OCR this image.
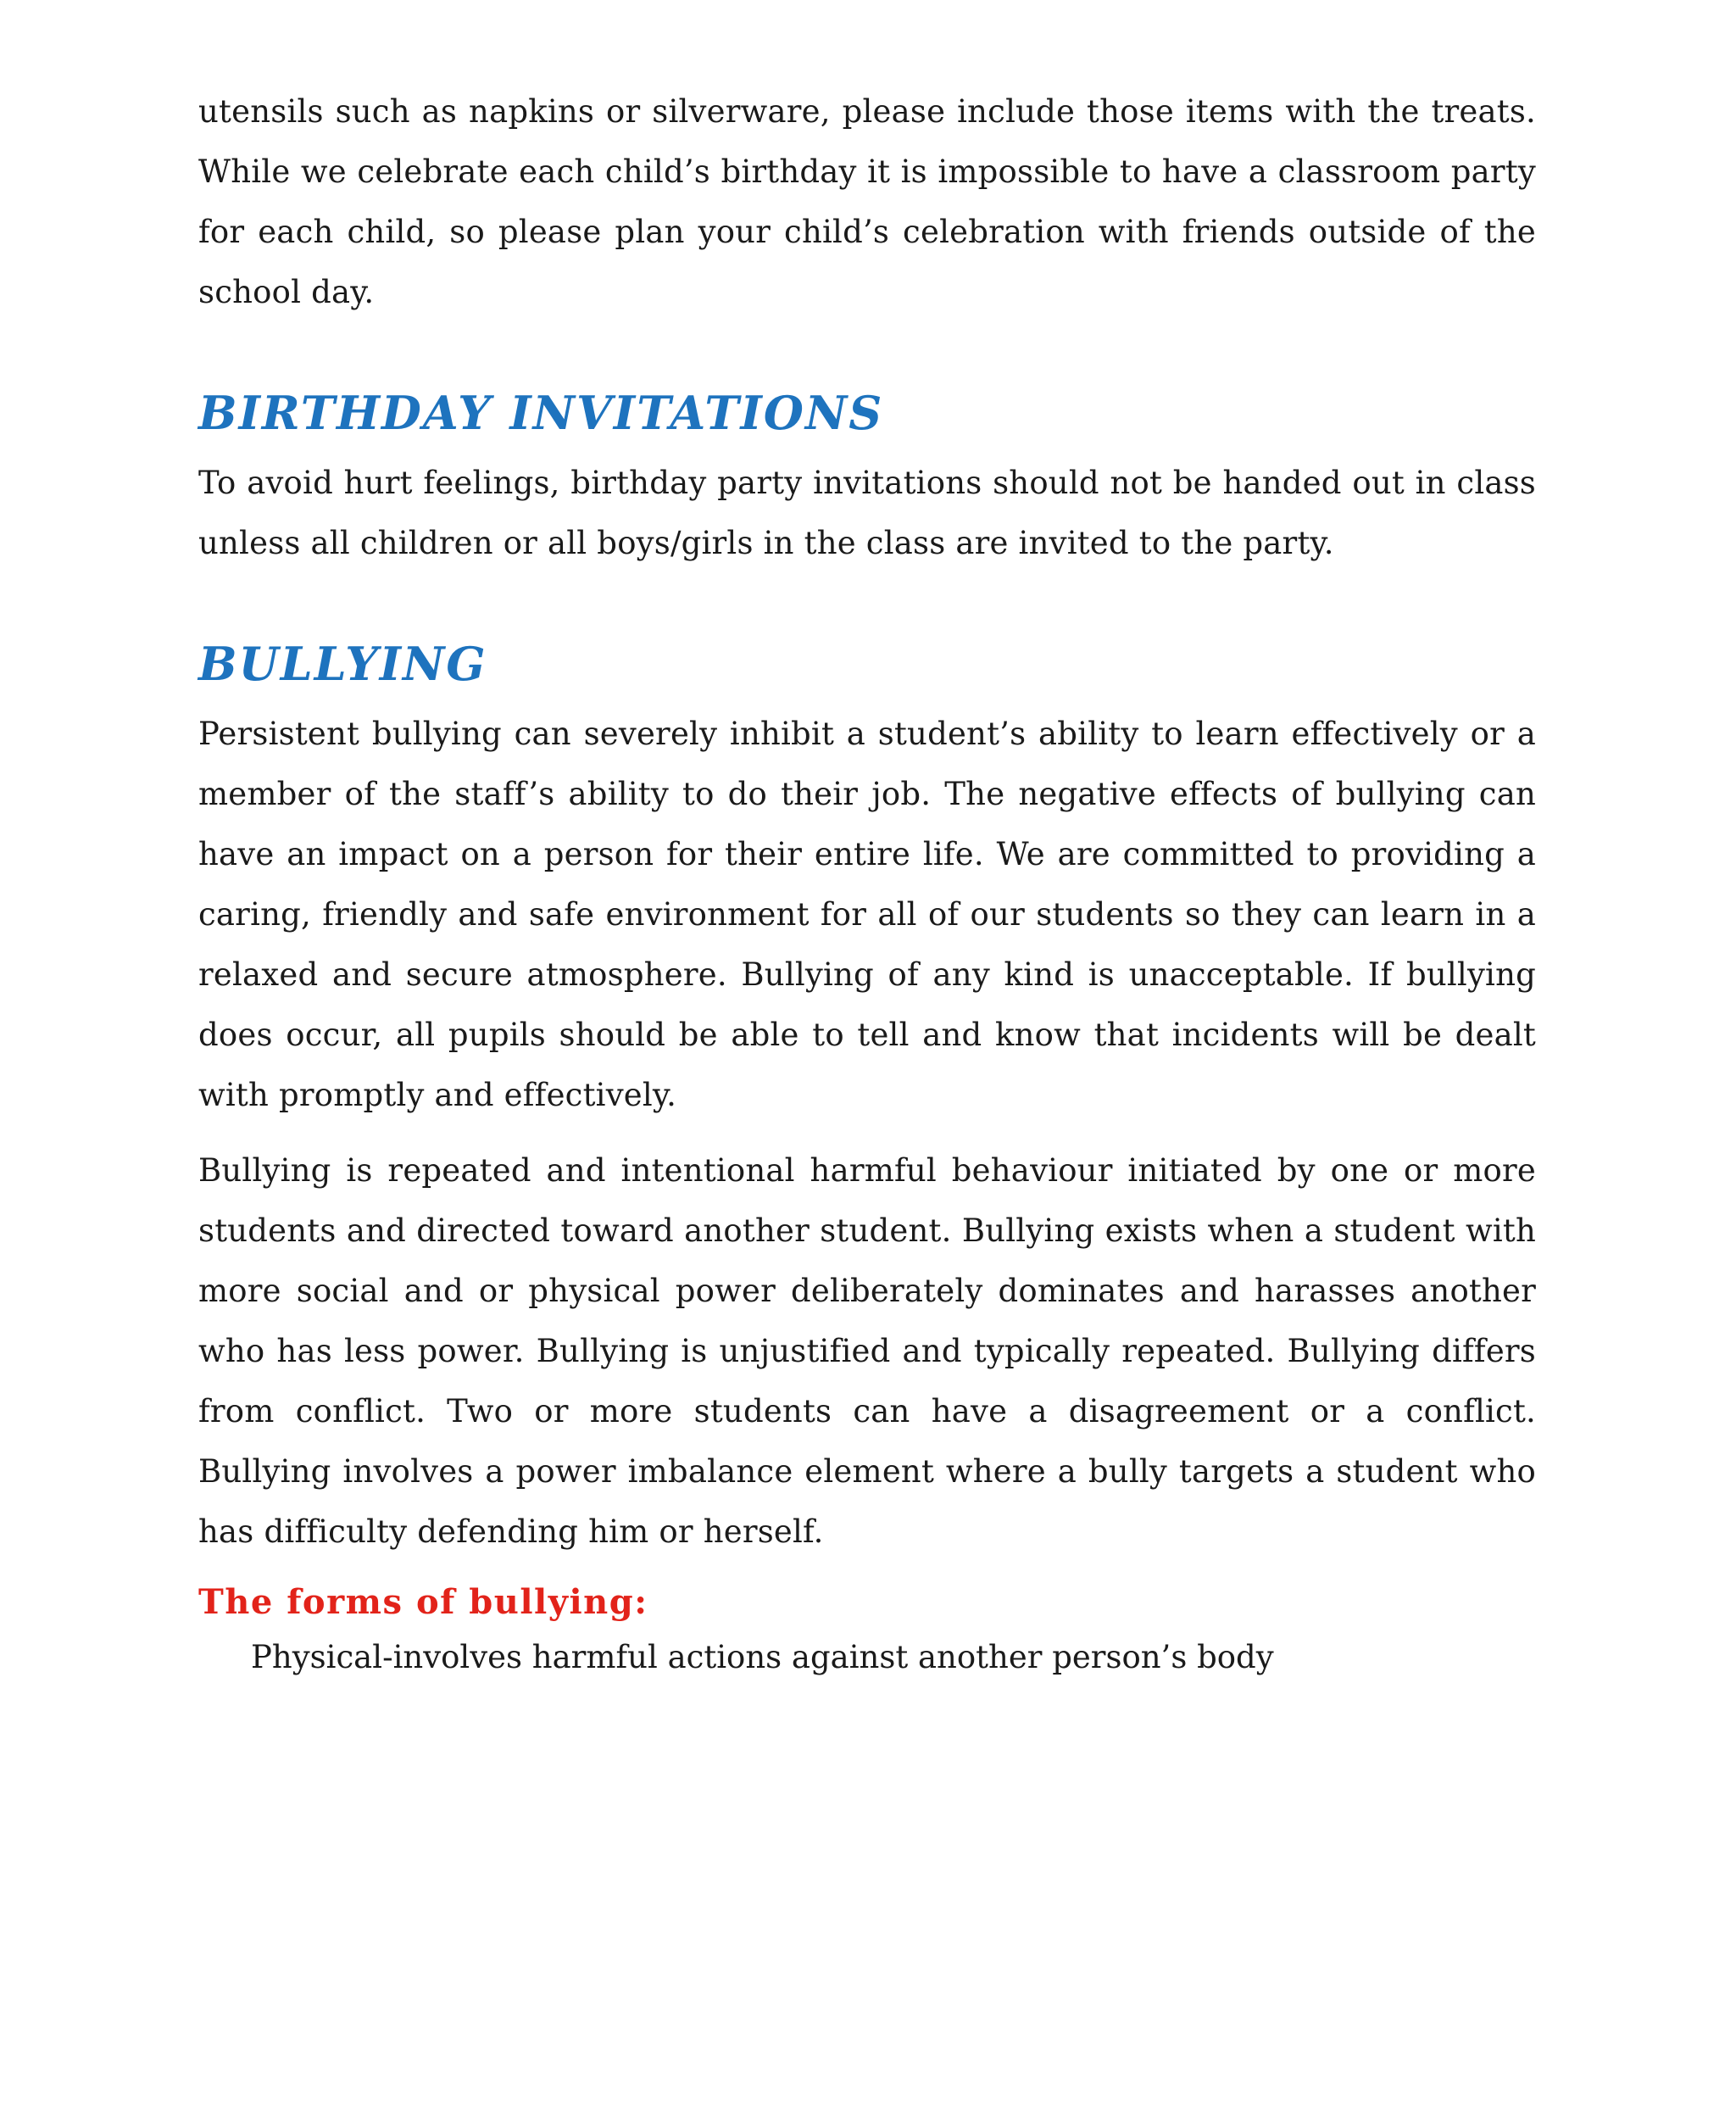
utensils such as napkins or silverware, please include those items with the treats. While we celebrate each child’s birthday it is impossible to have a classroom party for each child, so please plan your child’s celebration with friends outside of the school day.

BIRTHDAY INVITATIONS

To avoid hurt feelings, birthday party invitations should not be handed out in class unless all children or all boys/girls in the class are invited to the party.

BULLYING

Persistent bullying can severely inhibit a student’s ability to learn effectively or a member of the staff’s ability to do their job. The negative effects of bullying can have an impact on a person for their entire life. We are committed to providing a caring, friendly and safe environment for all of our students so they can learn in a relaxed and secure atmosphere. Bullying of any kind is unacceptable. If bullying does occur, all pupils should be able to tell and know that incidents will be dealt with promptly and effectively.

Bullying is repeated and intentional harmful behaviour initiated by one or more students and directed toward another student. Bullying exists when a student with more social and or physical power deliberately dominates and harasses another who has less power. Bullying is unjustified and typically repeated. Bullying differs from conflict. Two or more students can have a disagreement or a conflict. Bullying involves a power imbalance element where a bully targets a student who has difficulty defending him or herself.

The forms of bullying:

Physical-involves harmful actions against another person’s body
